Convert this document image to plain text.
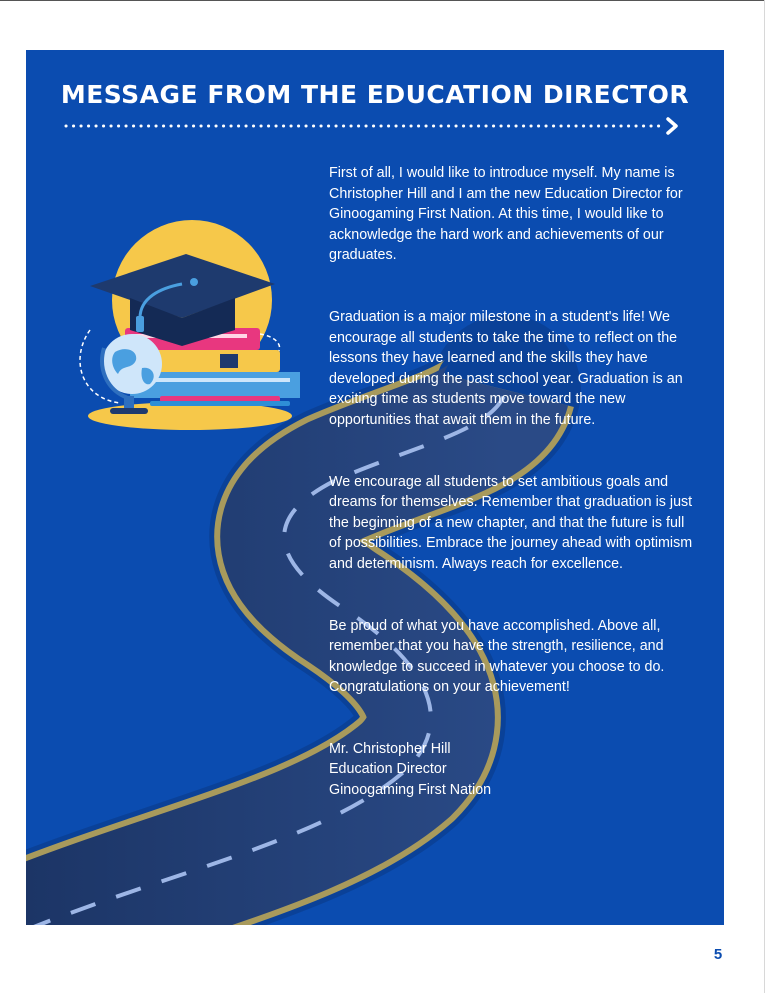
MESSAGE FROM THE EDUCATION DIRECTOR

First of all, I would like to introduce myself. My name is Christopher Hill and I am the new Education Director for Ginoogaming First Nation. At this time, I would like to acknowledge the hard work and achievements of our graduates.

Graduation is a major milestone in a student's life! We encourage all students to take the time to reflect on the lessons they have learned and the skills they have developed during the past school year. Graduation is an exciting time as students move toward the new opportunities that await them in the future.

We encourage all students to set ambitious goals and dreams for themselves. Remember that graduation is just the beginning of a new chapter, and that the future is full of possibilities. Embrace the journey ahead with optimism and determinism. Always reach for excellence.

Be proud of what you have accomplished. Above all, remember that you have the strength, resilience, and knowledge to succeed in whatever you choose to do. Congratulations on your achievement!

Mr. Christopher Hill
Education Director
Ginoogaming First Nation
5
